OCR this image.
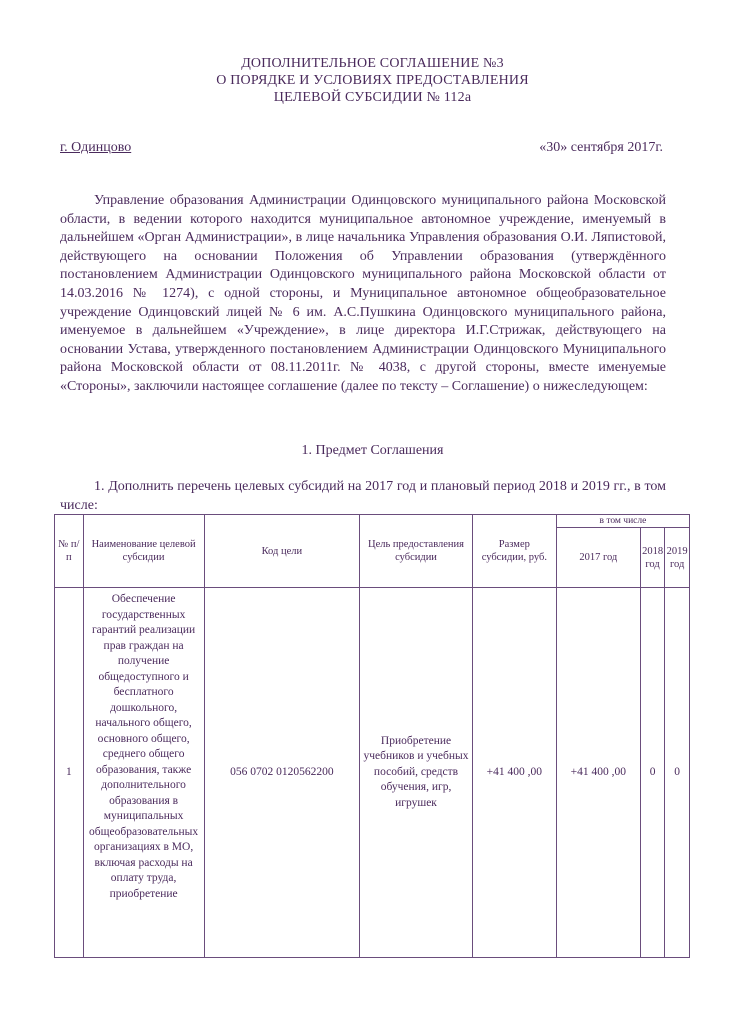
ДОПОЛНИТЕЛЬНОЕ СОГЛАШЕНИЕ №3
О ПОРЯДКЕ И УСЛОВИЯХ ПРЕДОСТАВЛЕНИЯ
ЦЕЛЕВОЙ СУБСИДИИ № 112а
г. Одинцово	«30» сентября 2017г.

Управление образования Администрации Одинцовского муниципального района Московской области, в ведении которого находится муниципальное автономное учреждение, именуемый в дальнейшем «Орган Администрации», в лице начальника Управления образования О.И. Ляпистовой, действующего на основании Положения об Управлении образования (утверждённого постановлением Администрации Одинцовского муниципального района Московской области от 14.03.2016 № 1274), с одной стороны, и Муниципальное автономное общеобразовательное учреждение Одинцовский лицей № 6 им. А.С.Пушкина Одинцовского муниципального района, именуемое в дальнейшем «Учреждение», в лице директора И.Г.Стрижак, действующего на основании Устава, утвержденного постановлением Администрации Одинцовского Муниципального района Московской области от 08.11.2011г. № 4038, с другой стороны, вместе именуемые «Стороны», заключили настоящее соглашение (далее по тексту – Соглашение) о нижеследующем:

1. Предмет Соглашения

1. Дополнить перечень целевых субсидий на 2017 год и плановый период 2018 и 2019 гг., в том числе:

№ п/п	Наименование целевой субсидии	Код цели	Цель предоставления субсидии	Размер субсидии, руб.	в том числе		
					2017 год	2018 год	2019 год
1	Обеспечение государственных гарантий реализации прав граждан на получение общедоступного и бесплатного дошкольного, начального общего, основного общего, среднего общего образования, также дополнительного образования в муниципальных общеобразовательных организациях в МО, включая расходы на оплату труда, приобретение	056 0702 0120562200	Приобретение учебников и учебных пособий, средств обучения, игр, игрушек	+41 400 ,00	+41 400 ,00	0	0
